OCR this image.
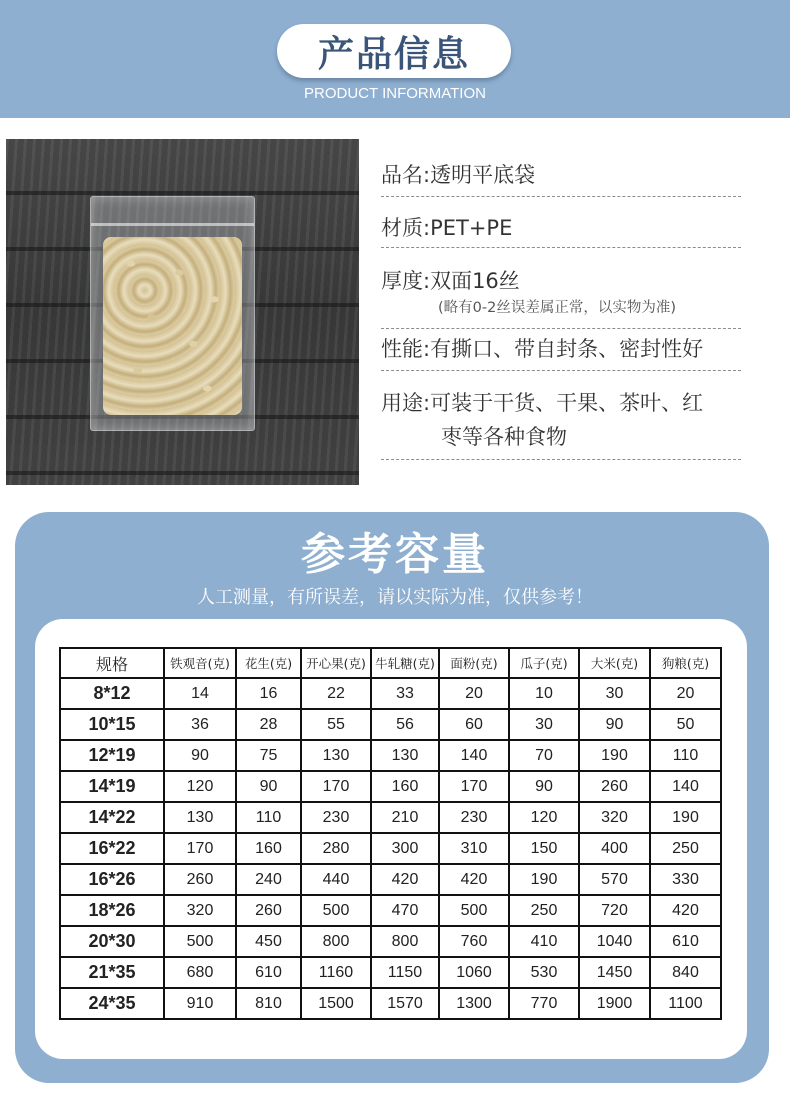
产品信息
PRODUCT INFORMATION
品名:透明平底袋
材质:PET+PE
厚度:双面16丝
(略有0-2丝误差属正常，以实物为准)
性能:有撕口、带自封条、密封性好
用途:可装于干货、干果、茶叶、红
枣等各种食物
参考容量
人工测量，有所误差，请以实际为准，仅供参考！
规格	铁观音(克)	花生(克)	开心果(克)	牛轧糖(克)	面粉(克)	瓜子(克)	大米(克)	狗粮(克)
8*12	14	16	22	33	20	10	30	20
10*15	36	28	55	56	60	30	90	50
12*19	90	75	130	130	140	70	190	110
14*19	120	90	170	160	170	90	260	140
14*22	130	110	230	210	230	120	320	190
16*22	170	160	280	300	310	150	400	250
16*26	260	240	440	420	420	190	570	330
18*26	320	260	500	470	500	250	720	420
20*30	500	450	800	800	760	410	1040	610
21*35	680	610	1160	1150	1060	530	1450	840
24*35	910	810	1500	1570	1300	770	1900	1100
